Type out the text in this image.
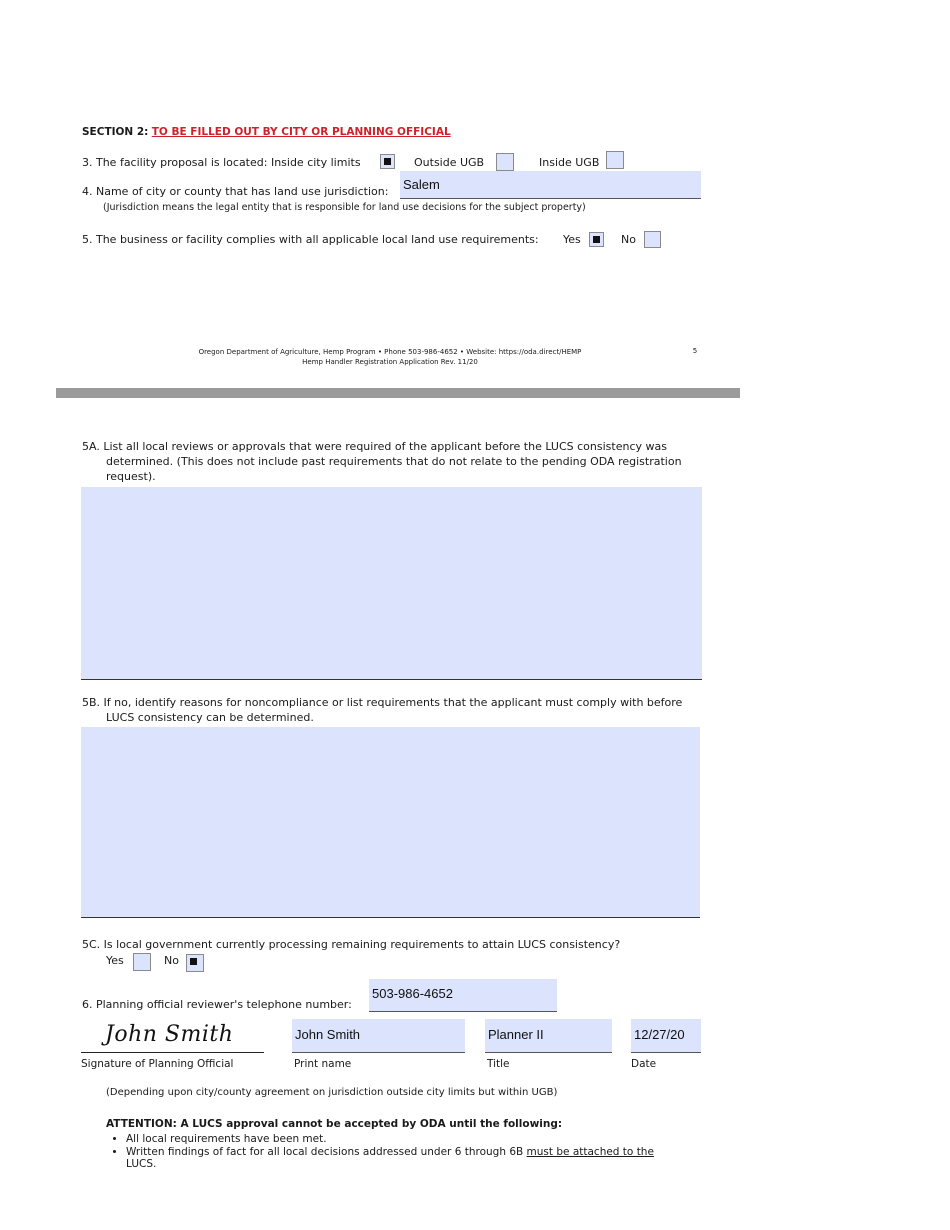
SECTION 2: TO BE FILLED OUT BY CITY OR PLANNING OFFICIAL
3. The facility proposal is located: Inside city limits	Outside UGB	Inside UGB
4. Name of city or county that has land use jurisdiction: Salem
(Jurisdiction means the legal entity that is responsible for land use decisions for the subject property)
5. The business or facility complies with all applicable local land use requirements: Yes	No
Oregon Department of Agriculture, Hemp Program • Phone 503-986-4652 • Website: https://oda.direct/HEMP
Hemp Handler Registration Application Rev. 11/20
5
5A. List all local reviews or approvals that were required of the applicant before the LUCS consistency was
determined. (This does not include past requirements that do not relate to the pending ODA registration
request).
5B. If no, identify reasons for noncompliance or list requirements that the applicant must comply with before
LUCS consistency can be determined.
5C. Is local government currently processing remaining requirements to attain LUCS consistency?
Yes	No
6. Planning official reviewer's telephone number:
503-986-4652
John Smith
Signature of Planning Official
John Smith
Print name
Planner II
Title
12/27/20
Date
(Depending upon city/county agreement on jurisdiction outside city limits but within UGB)
ATTENTION: A LUCS approval cannot be accepted by ODA until the following:
• All local requirements have been met.
• Written findings of fact for all local decisions addressed under 6 through 6B must be attached to the
LUCS.
